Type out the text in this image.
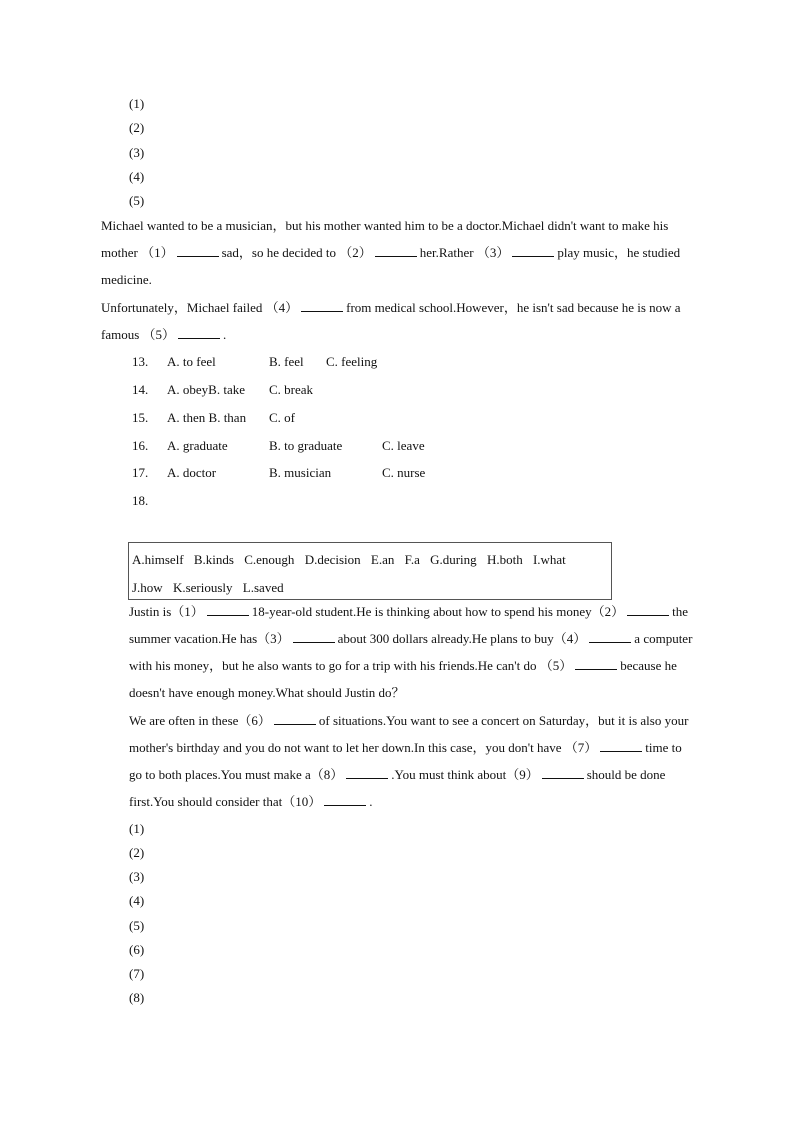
(1)
(2)
(3)
(4)
(5)
Michael wanted to be a musician，but his mother wanted him to be a doctor.Michael didn't want to make his mother （1）	sad，so he decided to （2）	her.Rather （3）	play music，he studied medicine.
Unfortunately，Michael failed （4）	from medical school.However，he isn't sad because he is now a famous （5）	.
13. A. to feel	B. feel C. feeling
14. A. obeyB. take C. break
15. A. then B. than C. of
16. A. graduate	B. to graduate	C. leave
17. A. doctor	B. musician	C. nurse
18.
A.himself B.kinds C.enough D.decision E.an F.a G.during H.both I.what J.how K.seriously L.saved
Justin is（1）	18-year-old student.He is thinking about how to spend his money（2）	the summer vacation.He has（3）	about 300 dollars already.He plans to buy（4）	a computer with his money，but he also wants to go for a trip with his friends.He can't do （5）	because he doesn't have enough money.What should Justin do？
We are often in these（6）	of situations.You want to see a concert on Saturday，but it is also your mother's birthday and you do not want to let her down.In this case，you don't have （7）	time to go to both places.You must make a（8）	.You must think about（9）	should be done first.You should consider that（10）	.
(1)
(2)
(3)
(4)
(5)
(6)
(7)
(8)
